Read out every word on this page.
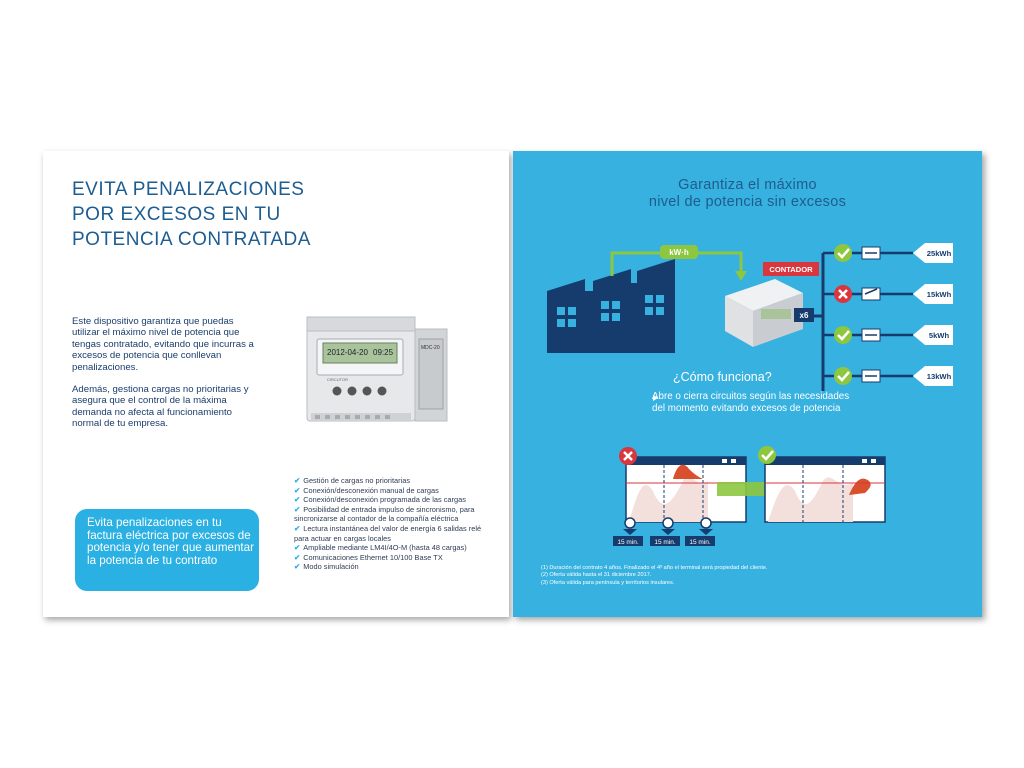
EVITA PENALIZACIONES
POR EXCESOS EN TU
POTENCIA CONTRATADA
Este dispositivo garantiza que puedas utilizar el máximo nivel de potencia que tengas contratado, evitando que incurras a excesos de potencia que conllevan penalizaciones.
Además, gestiona cargas no prioritarias y asegura que el control de la máxima demanda no afecta al funcionamiento normal de tu empresa.
2012-04-20 09:25
CIRCUTOR
MDC-20
Evita penalizaciones en tu factura eléctrica por excesos de potencia y/o tener que aumentar la potencia de tu contrato
✔ Gestión de cargas no prioritarias
✔ Conexión/desconexión manual de cargas
✔ Conexión/desconexión programada de las cargas
✔ Posibilidad de entrada impulso de sincronismo, para sincronizarse al contador de la compañía eléctrica
✔ Lectura instantánea del valor de energía 6 salidas relé para actuar en cargas locales
✔ Ampliable mediante LM4I/4O-M (hasta 48 cargas)
✔ Comunicaciones Ethernet 10/100 Base TX
✔ Modo simulación
Garantiza el máximo
nivel de potencia sin excesos
kW·h
CONTADOR
x6
25kWh
15kWh
5kWh
13kWh
15 min. 15 min. 15 min.
¿Cómo funciona?
Abre o cierra circuitos según las necesidades del momento evitando excesos de potencia
(1) Duración del contrato 4 años. Finalizado el 4º año el terminal será propiedad del cliente.
(2) Oferta válida hasta el 31 diciembre 2017.
(3) Oferta válida para península y territorios insulares.
